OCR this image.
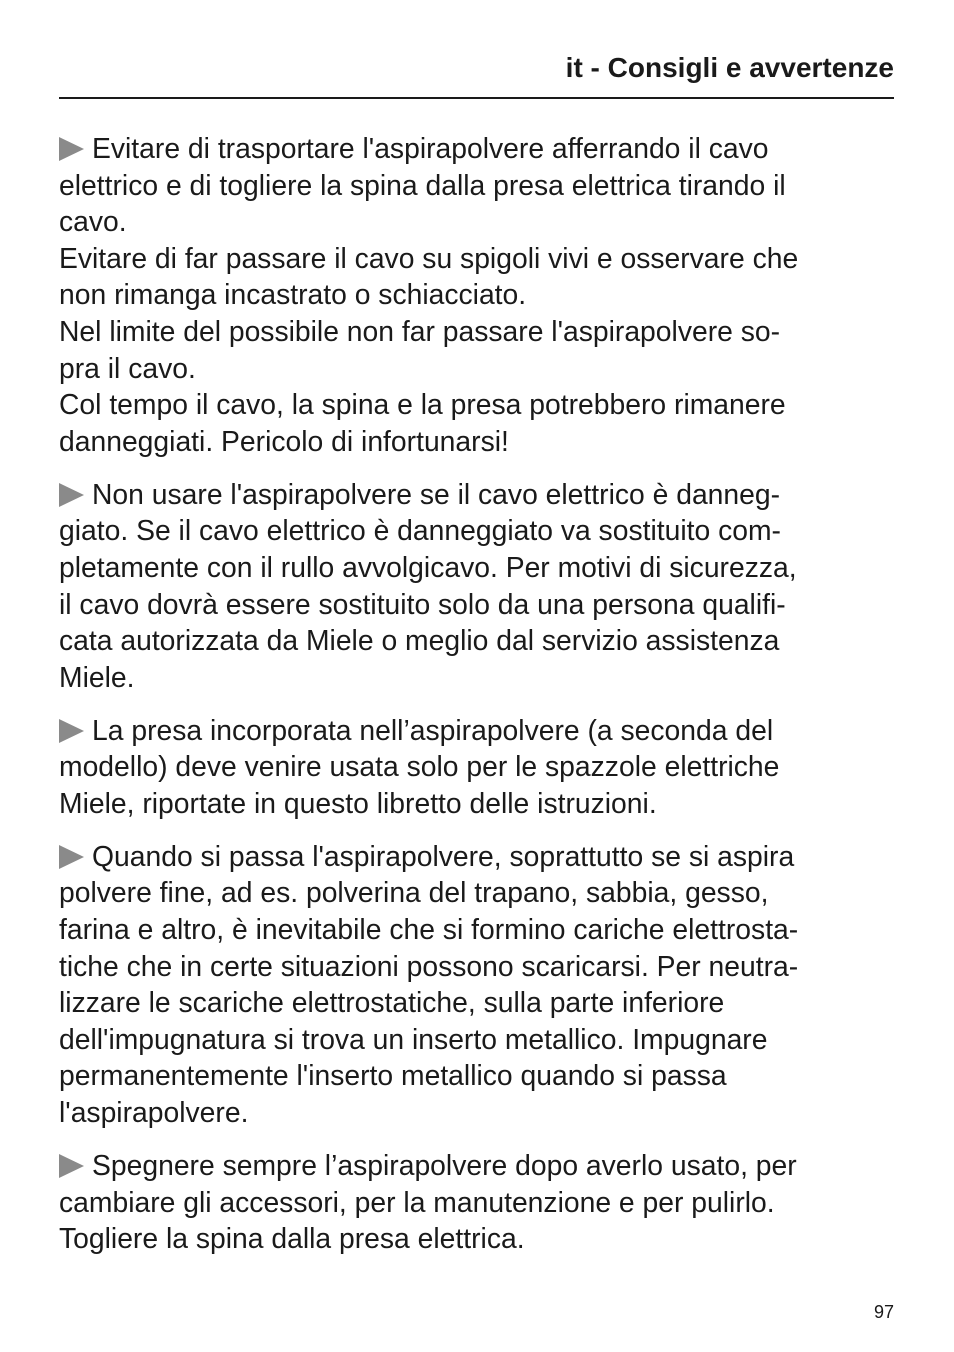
it - Consigli e avvertenze
Evitare di trasportare l'aspirapolvere afferrando il cavo
elettrico e di togliere la spina dalla presa elettrica tirando il
cavo.
Evitare di far passare il cavo su spigoli vivi e osservare che
non rimanga incastrato o schiacciato.
Nel limite del possibile non far passare l'aspirapolvere so-
pra il cavo.
Col tempo il cavo, la spina e la presa potrebbero rimanere
danneggiati. Pericolo di infortunarsi!
Non usare l'aspirapolvere se il cavo elettrico è danneg-
giato. Se il cavo elettrico è danneggiato va sostituito com-
pletamente con il rullo avvolgicavo. Per motivi di sicurezza,
il cavo dovrà essere sostituito solo da una persona qualifi-
cata autorizzata da Miele o meglio dal servizio assistenza
Miele.
La presa incorporata nell’aspirapolvere (a seconda del
modello) deve venire usata solo per le spazzole elettriche
Miele, riportate in questo libretto delle istruzioni.
Quando si passa l'aspirapolvere, soprattutto se si aspira
polvere fine, ad es. polverina del trapano, sabbia, gesso,
farina e altro, è inevitabile che si formino cariche elettrosta-
tiche che in certe situazioni possono scaricarsi. Per neutra-
lizzare le scariche elettrostatiche, sulla parte inferiore
dell'impugnatura si trova un inserto metallico. Impugnare
permanentemente l'inserto metallico quando si passa
l'aspirapolvere.
Spegnere sempre l’aspirapolvere dopo averlo usato, per
cambiare gli accessori, per la manutenzione e per pulirlo.
Togliere la spina dalla presa elettrica.
97
